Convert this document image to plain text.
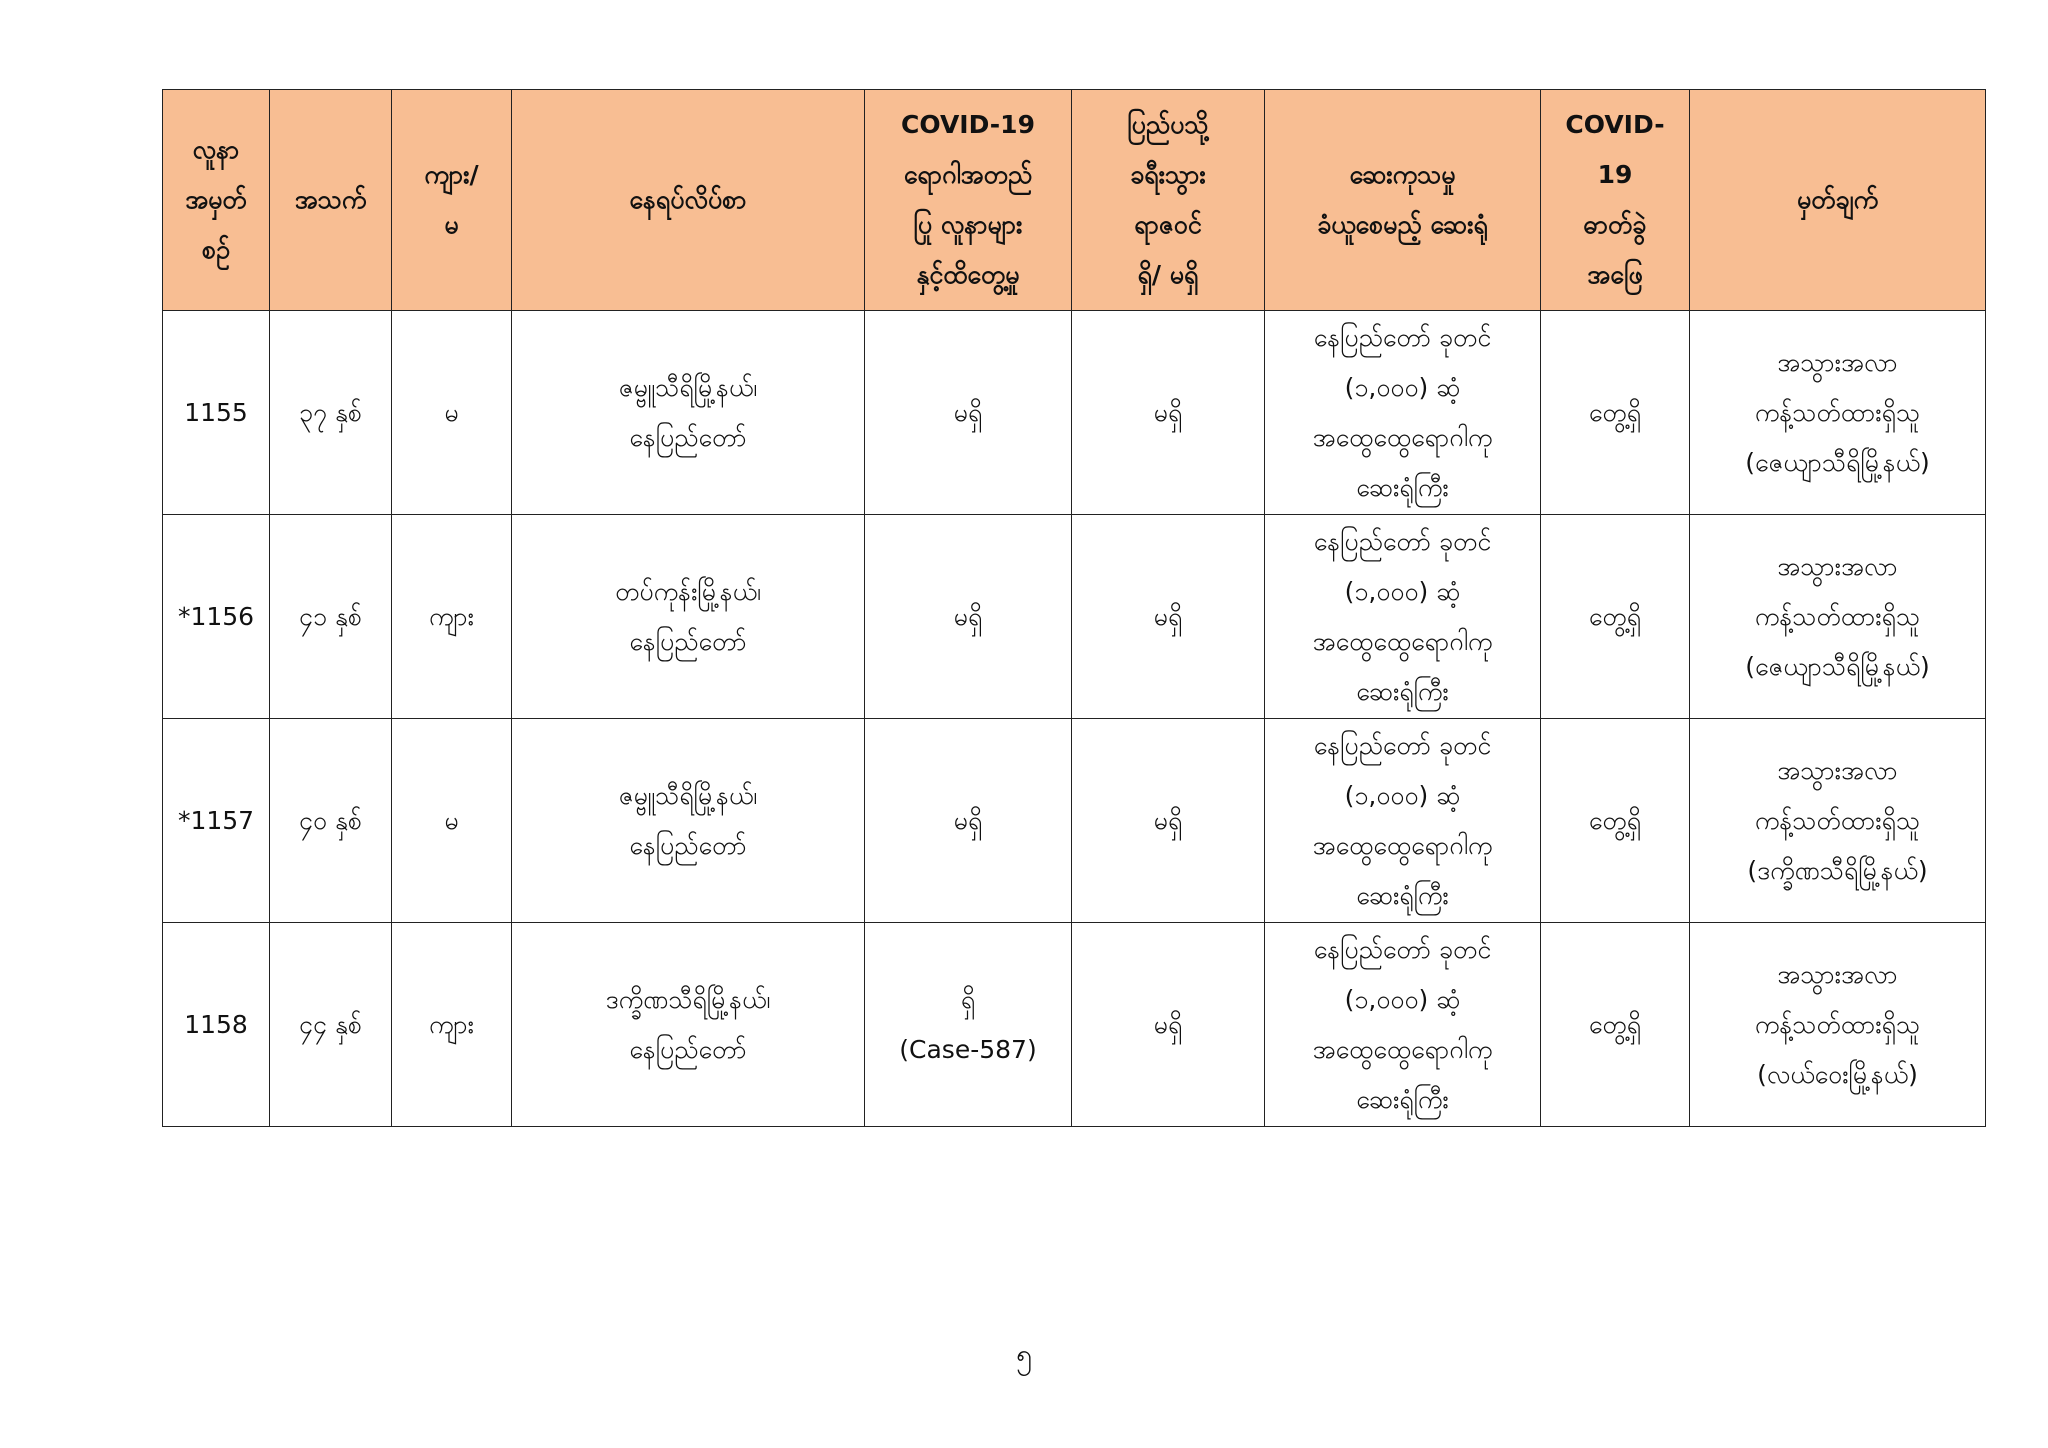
လူနာ
အမှတ်
စဉ်	အသက်	ကျား/
မ	နေရပ်လိပ်စာ	COVID-19
ရောဂါအတည်
ပြု လူနာများ
နှင့်ထိတွေ့မှု	ပြည်ပသို့
ခရီးသွား
ရာဇဝင်
ရှိ/ မရှိ	ဆေးကုသမှု
ခံယူစေမည့် ဆေးရုံ	COVID-
19
ဓာတ်ခွဲ
အဖြေ	မှတ်ချက်
1155	၃၇ နှစ်	မ	ဇမ္ဗူသီရိမြို့နယ်၊
နေပြည်တော်	မရှိ	မရှိ	နေပြည်တော် ခုတင်
(၁,၀၀၀) ဆံ့
အထွေထွေရောဂါကု
ဆေးရုံကြီး	တွေ့ရှိ	အသွားအလာ
ကန့်သတ်ထားရှိသူ
(ဇေယျာသီရိမြို့နယ်)
*1156	၄၁ နှစ်	ကျား	တပ်ကုန်းမြို့နယ်၊
နေပြည်တော်	မရှိ	မရှိ	နေပြည်တော် ခုတင်
(၁,၀၀၀) ဆံ့
အထွေထွေရောဂါကု
ဆေးရုံကြီး	တွေ့ရှိ	အသွားအလာ
ကန့်သတ်ထားရှိသူ
(ဇေယျာသီရိမြို့နယ်)
*1157	၄၀ နှစ်	မ	ဇမ္ဗူသီရိမြို့နယ်၊
နေပြည်တော်	မရှိ	မရှိ	နေပြည်တော် ခုတင်
(၁,၀၀၀) ဆံ့
အထွေထွေရောဂါကု
ဆေးရုံကြီး	တွေ့ရှိ	အသွားအလာ
ကန့်သတ်ထားရှိသူ
(ဒက္ခိဏသီရိမြို့နယ်)
1158	၄၄ နှစ်	ကျား	ဒက္ခိဏသီရိမြို့နယ်၊
နေပြည်တော်	ရှိ
(Case-587)	မရှိ	နေပြည်တော် ခုတင်
(၁,၀၀၀) ဆံ့
အထွေထွေရောဂါကု
ဆေးရုံကြီး	တွေ့ရှိ	အသွားအလာ
ကန့်သတ်ထားရှိသူ
(လယ်ဝေးမြို့နယ်)
၅
